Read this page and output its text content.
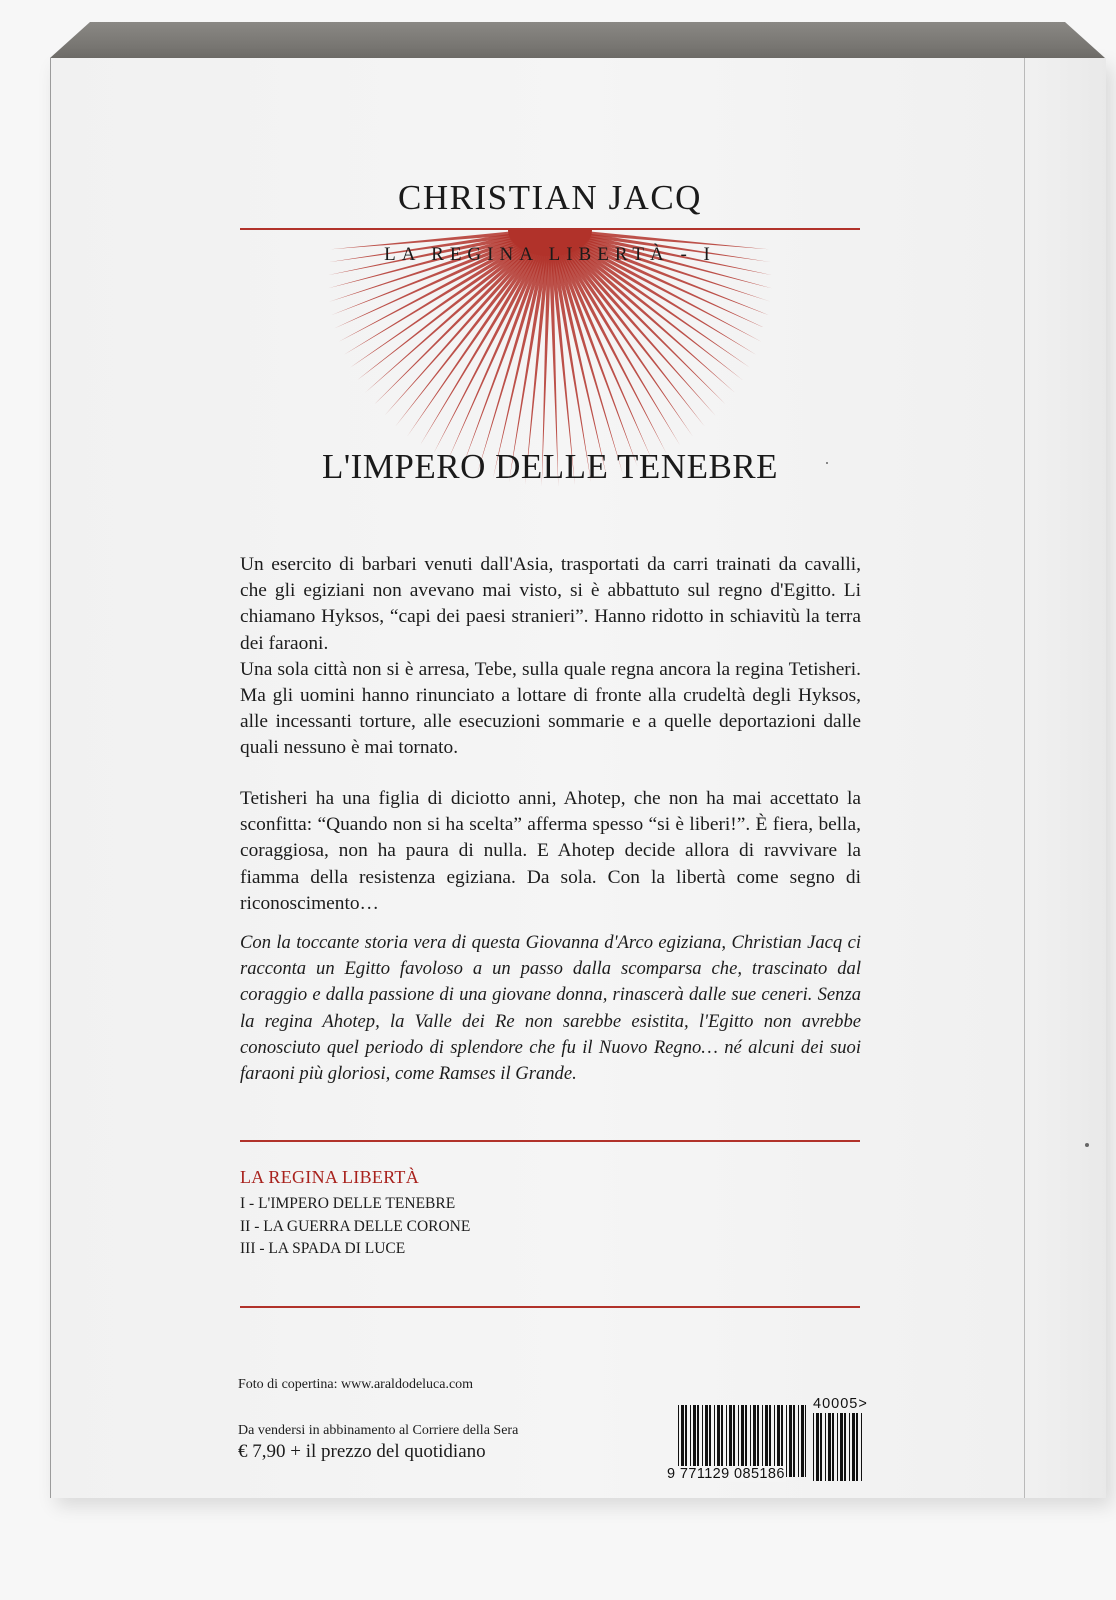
CHRISTIAN JACQ
LA REGINA LIBERTÀ - I
L'IMPERO DELLE TENEBRE

Un esercito di barbari venuti dall'Asia, trasportati da carri trainati da cavalli, che gli egiziani non avevano mai visto, si è abbattuto sul regno d'Egitto. Li chiamano Hyksos, “capi dei paesi stranieri”. Hanno ridotto in schiavitù la terra dei faraoni.

Una sola città non si è arresa, Tebe, sulla quale regna ancora la regina Tetisheri. Ma gli uomini hanno rinunciato a lottare di fronte alla crudeltà degli Hyksos, alle incessanti torture, alle esecuzioni sommarie e a quelle deportazioni dalle quali nessuno è mai tornato.

Tetisheri ha una figlia di diciotto anni, Ahotep, che non ha mai accettato la sconfitta: “Quando non si ha scelta” afferma spesso “si è liberi!”. È fiera, bella, coraggiosa, non ha paura di nulla. E Ahotep decide allora di ravvivare la fiamma della resistenza egiziana. Da sola. Con la libertà come segno di riconoscimento…

Con la toccante storia vera di questa Giovanna d'Arco egiziana, Christian Jacq ci racconta un Egitto favoloso a un passo dalla scomparsa che, trascinato dal coraggio e dalla passione di una giovane donna, rinascerà dalle sue ceneri. Senza la regina Ahotep, la Valle dei Re non sarebbe esistita, l'Egitto non avrebbe conosciuto quel periodo di splendore che fu il Nuovo Regno… né alcuni dei suoi faraoni più gloriosi, come Ramses il Grande.

LA REGINA LIBERTÀ
I - L'IMPERO DELLE TENEBRE
II - LA GUERRA DELLE CORONE
III - LA SPADA DI LUCE
Foto di copertina: www.araldodeluca.com
Da vendersi in abbinamento al Corriere della Sera
€ 7,90 + il prezzo del quotidiano
9 771129 085186
40005>
